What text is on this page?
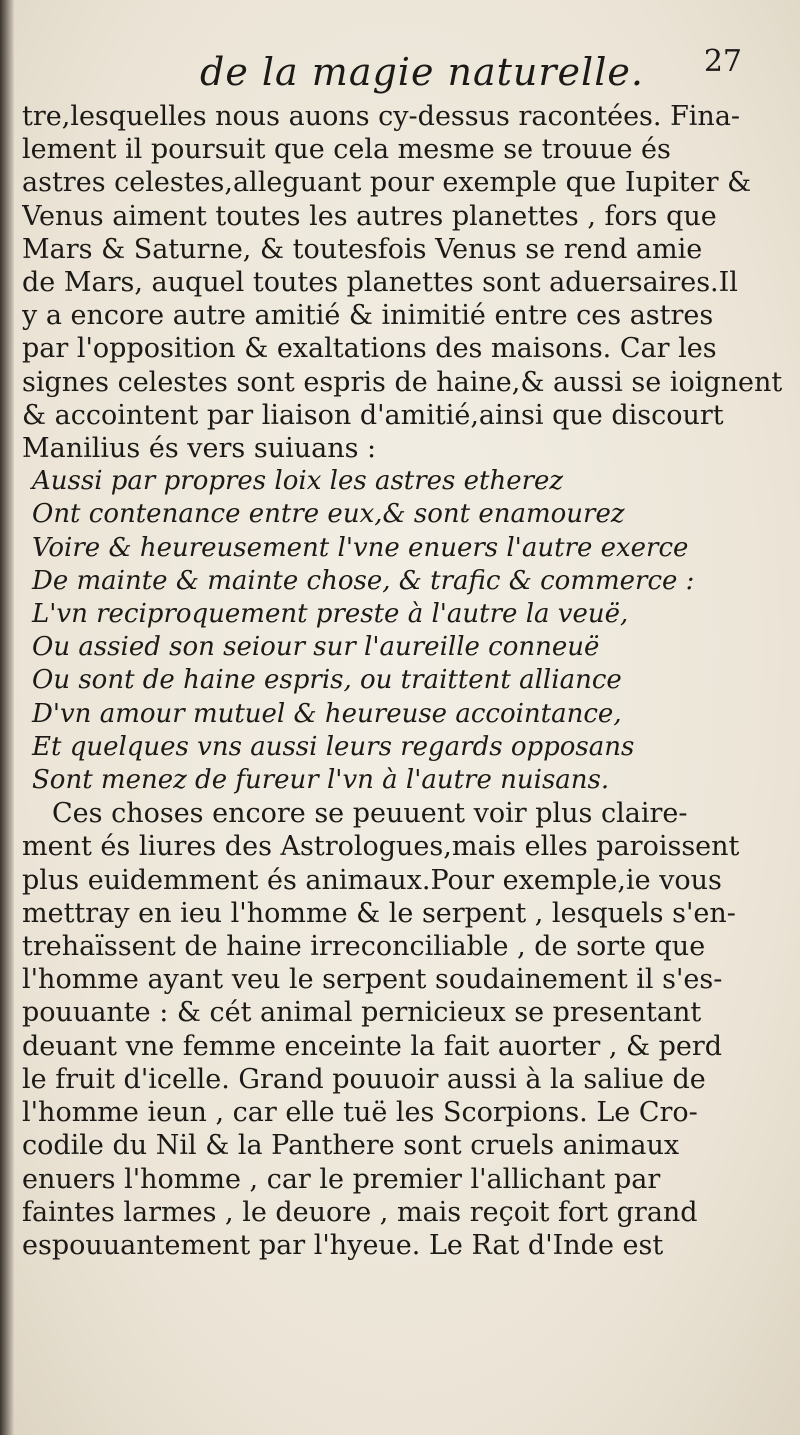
de la magie naturelle. 27
tre,lesquelles nous auons cy-dessus racontées. Fina-
lement il poursuit que cela mesme se trouue és
astres celestes,alleguant pour exemple que Iupiter &
Venus aiment toutes les autres planettes , fors que
Mars & Saturne, & toutesfois Venus se rend amie
de Mars, auquel toutes planettes sont aduersaires.Il
y a encore autre amitié & inimitié entre ces astres
par l'opposition & exaltations des maisons. Car les
signes celestes sont espris de haine,& aussi se ioignent
& accointent par liaison d'amitié,ainsi que discourt
Manilius és vers suiuans :
Aussi par propres loix les astres etherez
Ont contenance entre eux,& sont enamourez
Voire & heureusement l'vne enuers l'autre exerce
De mainte & mainte chose, & trafic & commerce :
L'vn reciproquement preste à l'autre la veuë,
Ou assied son seiour sur l'aureille conneuë
Ou sont de haine espris, ou traittent alliance
D'vn amour mutuel & heureuse accointance,
Et quelques vns aussi leurs regards opposans
Sont menez de fureur l'vn à l'autre nuisans.
Ces choses encore se peuuent voir plus claire-
ment és liures des Astrologues,mais elles paroissent
plus euidemment és animaux.Pour exemple,ie vous
mettray en ieu l'homme & le serpent , lesquels s'en-
trehaïssent de haine irreconciliable , de sorte que
l'homme ayant veu le serpent soudainement il s'es-
pouuante : & cét animal pernicieux se presentant
deuant vne femme enceinte la fait auorter , & perd
le fruit d'icelle. Grand pouuoir aussi à la saliue de
l'homme ieun , car elle tuë les Scorpions. Le Cro-
codile du Nil & la Panthere sont cruels animaux
enuers l'homme , car le premier l'allichant par
faintes larmes , le deuore , mais reçoit fort grand
espouuantement par l'hyeue. Le Rat d'Inde est
